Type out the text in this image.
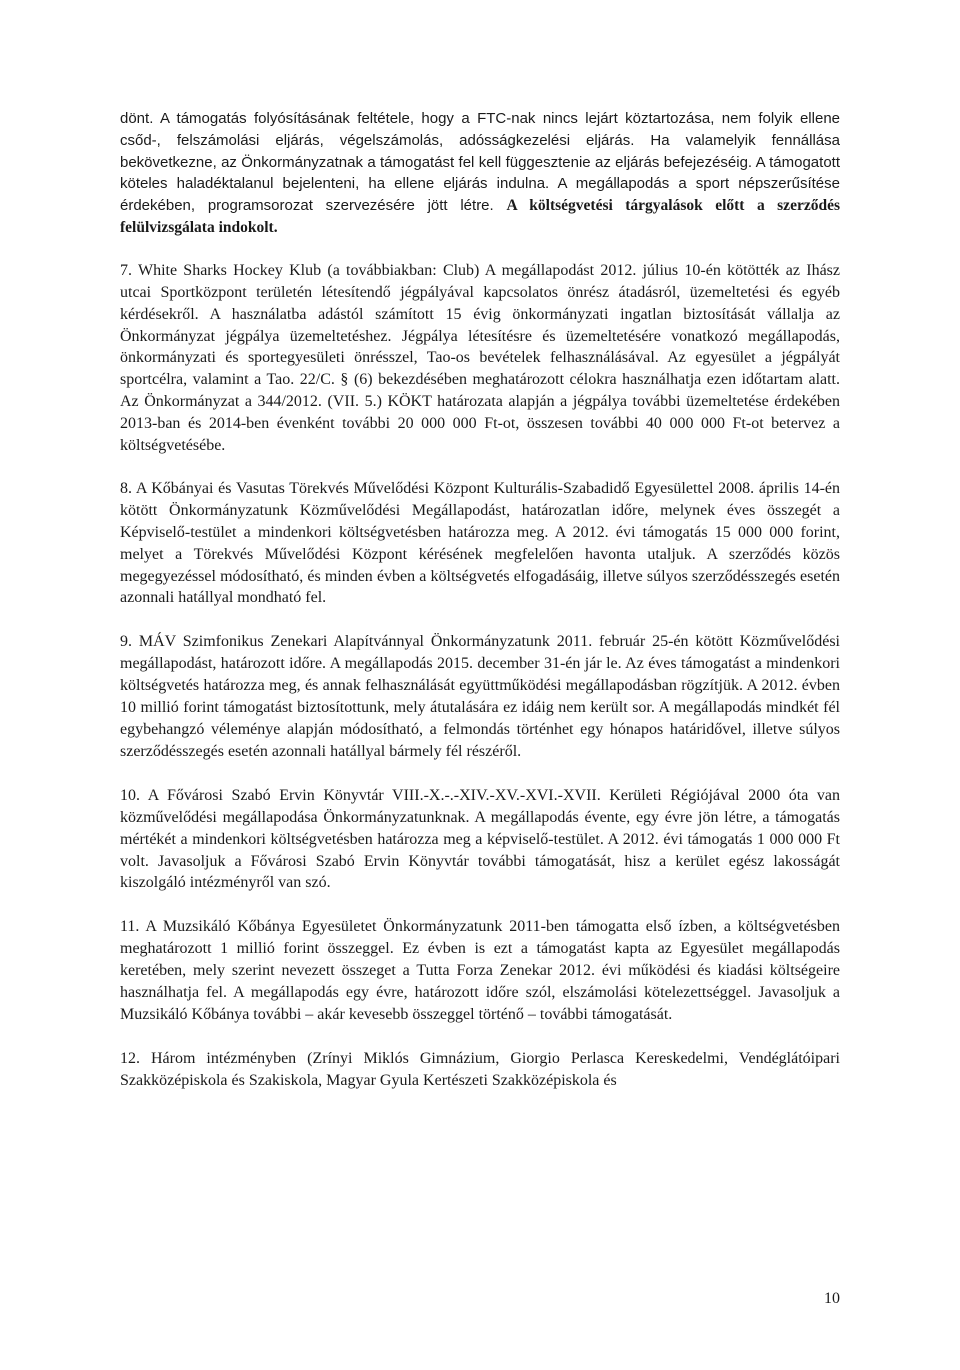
dönt. A támogatás folyósításának feltétele, hogy a FTC-nak nincs lejárt köztartozása, nem folyik ellene csőd-, felszámolási eljárás, végelszámolás, adósságkezelési eljárás. Ha valamelyik fennállása bekövetkezne, az Önkormányzatnak a támogatást fel kell függesztenie az eljárás befejezéséig. A támogatott köteles haladéktalanul bejelenteni, ha ellene eljárás indulna. A megállapodás a sport népszerűsítése érdekében, programsorozat szervezésére jött létre. A költségvetési tárgyalások előtt a szerződés felülvizsgálata indokolt.

7. White Sharks Hockey Klub (a továbbiakban: Club) A megállapodást 2012. július 10-én kötötték az Ihász utcai Sportközpont területén létesítendő jégpályával kapcsolatos önrész átadásról, üzemeltetési és egyéb kérdésekről. A használatba adástól számított 15 évig önkormányzati ingatlan biztosítását vállalja az Önkormányzat jégpálya üzemeltetéshez. Jégpálya létesítésre és üzemeltetésére vonatkozó megállapodás, önkormányzati és sportegyesületi önrésszel, Tao-os bevételek felhasználásával. Az egyesület a jégpályát sportcélra, valamint a Tao. 22/C. § (6) bekezdésében meghatározott célokra használhatja ezen időtartam alatt. Az Önkormányzat a 344/2012. (VII. 5.) KÖKT határozata alapján a jégpálya további üzemeltetése érdekében 2013-ban és 2014-ben évenként további 20 000 000 Ft-ot, összesen további 40 000 000 Ft-ot betervez a költségvetésébe.

8. A Kőbányai és Vasutas Törekvés Művelődési Központ Kulturális-Szabadidő Egyesülettel 2008. április 14-én kötött Önkormányzatunk Közművelődési Megállapodást, határozatlan időre, melynek éves összegét a Képviselő-testület a mindenkori költségvetésben határozza meg. A 2012. évi támogatás 15 000 000 forint, melyet a Törekvés Művelődési Központ kérésének megfelelően havonta utaljuk. A szerződés közös megegyezéssel módosítható, és minden évben a költségvetés elfogadásáig, illetve súlyos szerződésszegés esetén azonnali hatállyal mondható fel.

9. MÁV Szimfonikus Zenekari Alapítvánnyal Önkormányzatunk 2011. február 25-én kötött Közművelődési megállapodást, határozott időre. A megállapodás 2015. december 31-én jár le. Az éves támogatást a mindenkori költségvetés határozza meg, és annak felhasználását együttműködési megállapodásban rögzítjük. A 2012. évben 10 millió forint támogatást biztosítottunk, mely átutalására ez idáig nem került sor. A megállapodás mindkét fél egybehangzó véleménye alapján módosítható, a felmondás történhet egy hónapos határidővel, illetve súlyos szerződésszegés esetén azonnali hatállyal bármely fél részéről.

10. A Fővárosi Szabó Ervin Könyvtár VIII.-X.-.-XIV.-XV.-XVI.-XVII. Kerületi Régiójával 2000 óta van közművelődési megállapodása Önkormányzatunknak. A megállapodás évente, egy évre jön létre, a támogatás mértékét a mindenkori költségvetésben határozza meg a képviselő-testület. A 2012. évi támogatás 1 000 000 Ft volt. Javasoljuk a Fővárosi Szabó Ervin Könyvtár további támogatását, hisz a kerület egész lakosságát kiszolgáló intézményről van szó.

11. A Muzsikáló Kőbánya Egyesületet Önkormányzatunk 2011-ben támogatta első ízben, a költségvetésben meghatározott 1 millió forint összeggel. Ez évben is ezt a támogatást kapta az Egyesület megállapodás keretében, mely szerint nevezett összeget a Tutta Forza Zenekar 2012. évi működési és kiadási költségeire használhatja fel. A megállapodás egy évre, határozott időre szól, elszámolási kötelezettséggel. Javasoljuk a Muzsikáló Kőbánya további – akár kevesebb összeggel történő – további támogatását.

12. Három intézményben (Zrínyi Miklós Gimnázium, Giorgio Perlasca Kereskedelmi, Vendéglátóipari Szakközépiskola és Szakiskola, Magyar Gyula Kertészeti Szakközépiskola és

10
